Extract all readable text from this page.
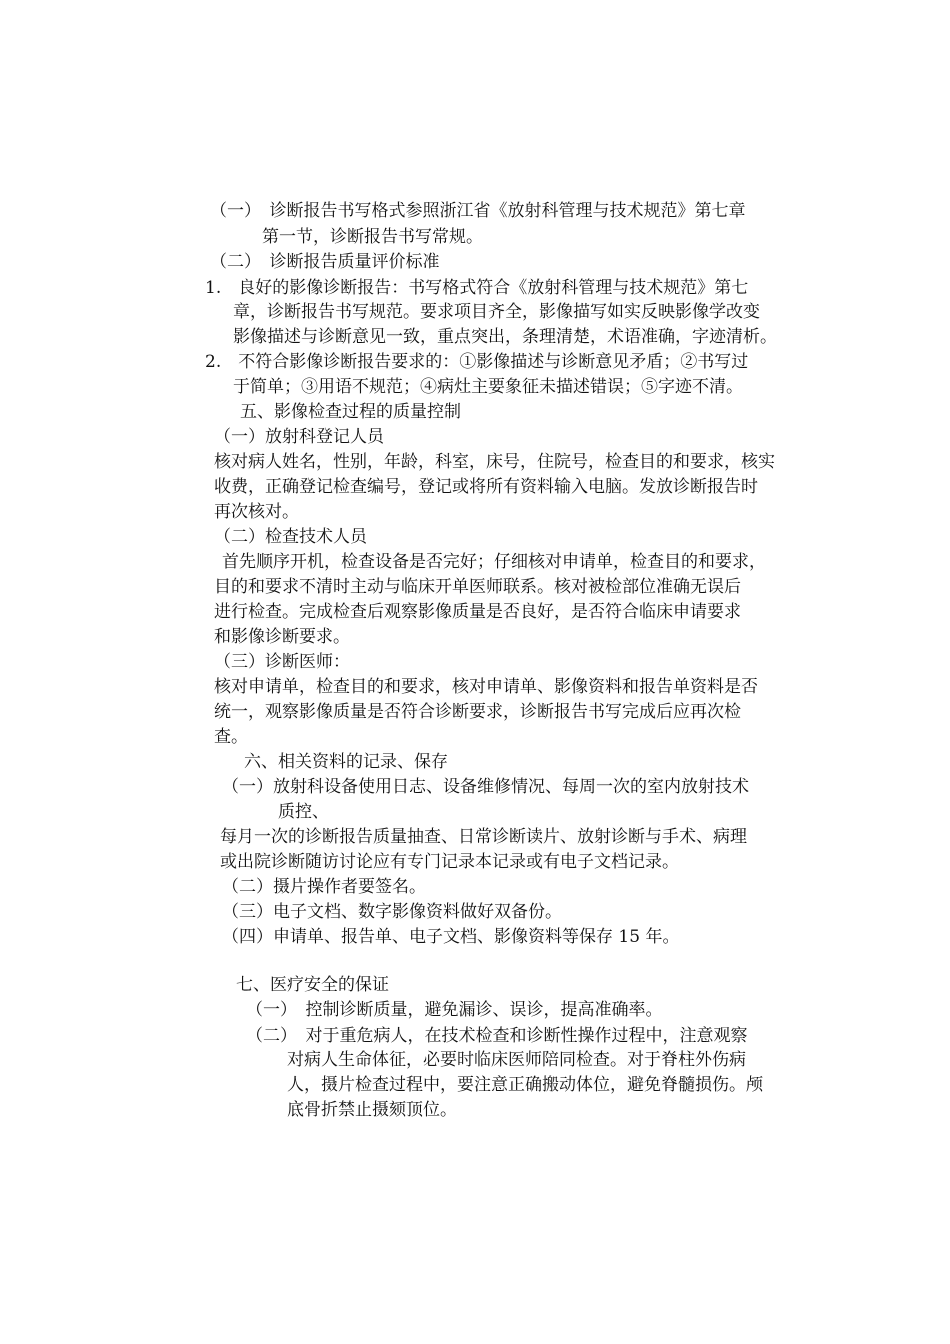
（一）　诊断报告书写格式参照浙江省《放射科管理与技术规范》第七章
第一节，诊断报告书写常规。
（二）　诊断报告质量评价标准
1.　良好的影像诊断报告：书写格式符合《放射科管理与技术规范》第七
章，诊断报告书写规范。要求项目齐全，影像描写如实反映影像学改变
影像描述与诊断意见一致，重点突出，条理清楚，术语准确，字迹清析。
2.　不符合影像诊断报告要求的：①影像描述与诊断意见矛盾；②书写过
于简单；③用语不规范；④病灶主要象征未描述错误；⑤字迹不清。
五、影像检查过程的质量控制
（一）放射科登记人员
核对病人姓名，性别，年龄，科室，床号，住院号，检查目的和要求，核实
收费，正确登记检查编号，登记或将所有资料输入电脑。发放诊断报告时
再次核对。
（二）检查技术人员
首先顺序开机，检查设备是否完好；仔细核对申请单，检查目的和要求，
目的和要求不清时主动与临床开单医师联系。核对被检部位准确无误后
进行检查。完成检查后观察影像质量是否良好，是否符合临床申请要求
和影像诊断要求。
（三）诊断医师：
核对申请单，检查目的和要求，核对申请单、影像资料和报告单资料是否
统一，观察影像质量是否符合诊断要求，诊断报告书写完成后应再次检
查。
六、相关资料的记录、保存
（一）放射科设备使用日志、设备维修情况、每周一次的室内放射技术
质控、
每月一次的诊断报告质量抽查、日常诊断读片、放射诊断与手术、病理
或出院诊断随访讨论应有专门记录本记录或有电子文档记录。
（二）摄片操作者要签名。
（三）电子文档、数字影像资料做好双备份。
（四）申请单、报告单、电子文档、影像资料等保存 15 年。
七、医疗安全的保证
（一）　控制诊断质量，避免漏诊、误诊，提高准确率。
（二）　对于重危病人，在技术检查和诊断性操作过程中，注意观察
对病人生命体征，必要时临床医师陪同检查。对于脊柱外伤病
人，摄片检查过程中，要注意正确搬动体位，避免脊髓损伤。颅
底骨折禁止摄颏顶位。
